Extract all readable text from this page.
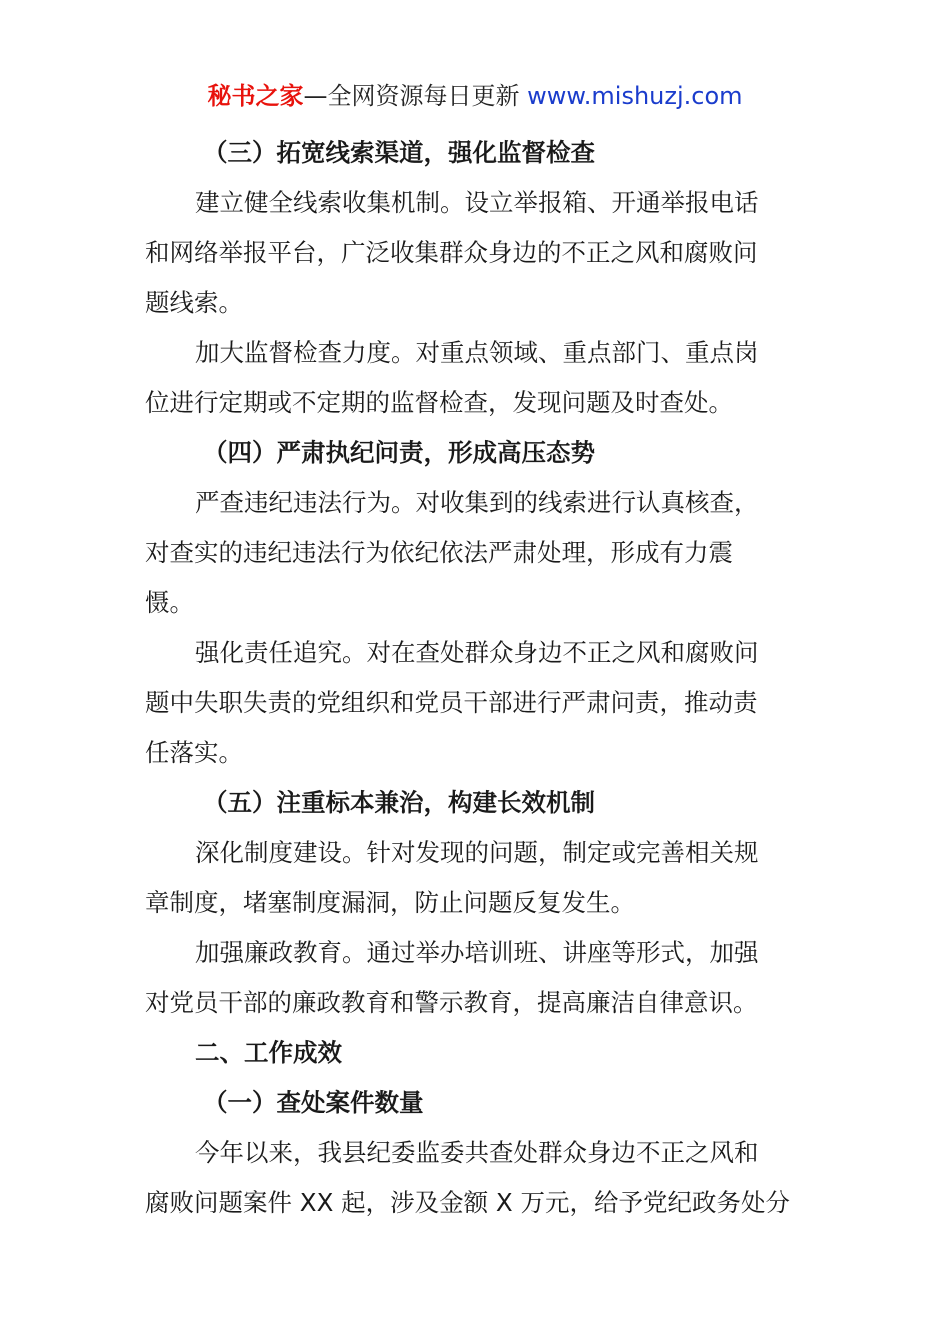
秘书之家—全网资源每日更新 www.mishuzj.com
（三）拓宽线索渠道，强化监督检查
建立健全线索收集机制。设立举报箱、开通举报电话
和网络举报平台，广泛收集群众身边的不正之风和腐败问
题线索。
加大监督检查力度。对重点领域、重点部门、重点岗
位进行定期或不定期的监督检查，发现问题及时查处。
（四）严肃执纪问责，形成高压态势
严查违纪违法行为。对收集到的线索进行认真核查，
对查实的违纪违法行为依纪依法严肃处理，形成有力震
慑。
强化责任追究。对在查处群众身边不正之风和腐败问
题中失职失责的党组织和党员干部进行严肃问责，推动责
任落实。
（五）注重标本兼治，构建长效机制
深化制度建设。针对发现的问题，制定或完善相关规
章制度，堵塞制度漏洞，防止问题反复发生。
加强廉政教育。通过举办培训班、讲座等形式，加强
对党员干部的廉政教育和警示教育，提高廉洁自律意识。
二、工作成效
（一）查处案件数量
今年以来，我县纪委监委共查处群众身边不正之风和
腐败问题案件 XX 起，涉及金额 X 万元，给予党纪政务处分
